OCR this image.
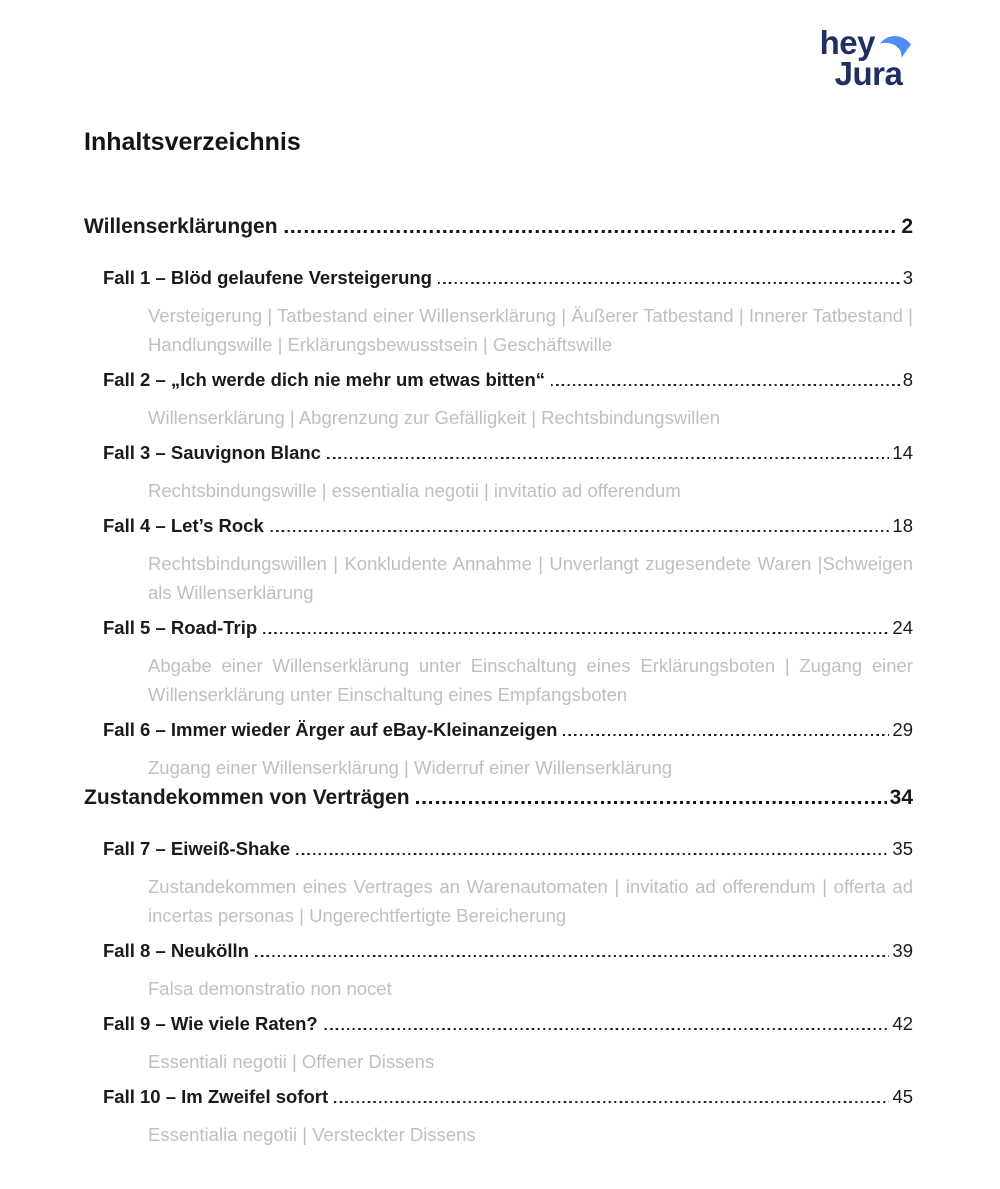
hey
Jura
Inhaltsverzeichnis
Willenserklärungen	2
Fall 1 – Blöd gelaufene Versteigerung	3
Versteigerung | Tatbestand einer Willenserklärung | Äußerer Tatbestand | Innerer Tatbestand | Handlungswille | Erklärungsbewusstsein | Geschäftswille
Fall 2 – „Ich werde dich nie mehr um etwas bitten“	8
Willenserklärung | Abgrenzung zur Gefälligkeit | Rechtsbindungswillen
Fall 3 – Sauvignon Blanc	14
Rechtsbindungswille | essentialia negotii | invitatio ad offerendum
Fall 4 – Let’s Rock	18
Rechtsbindungswillen | Konkludente Annahme | Unverlangt zugesendete Waren |Schweigen als Willenserklärung
Fall 5 – Road-Trip	24
Abgabe einer Willenserklärung unter Einschaltung eines Erklärungsboten | Zugang einer Willenserklärung unter Einschaltung eines Empfangsboten
Fall 6 – Immer wieder Ärger auf eBay-Kleinanzeigen	29
Zugang einer Willenserklärung | Widerruf einer Willenserklärung
Zustandekommen von Verträgen	34
Fall 7 – Eiweiß-Shake	35
Zustandekommen eines Vertrages an Warenautomaten | invitatio ad offerendum | offerta ad incertas personas | Ungerechtfertigte Bereicherung
Fall 8 – Neukölln	39
Falsa demonstratio non nocet
Fall 9 – Wie viele Raten?	42
Essentiali negotii | Offener Dissens
Fall 10 – Im Zweifel sofort	45
Essentialia negotii | Versteckter Dissens
